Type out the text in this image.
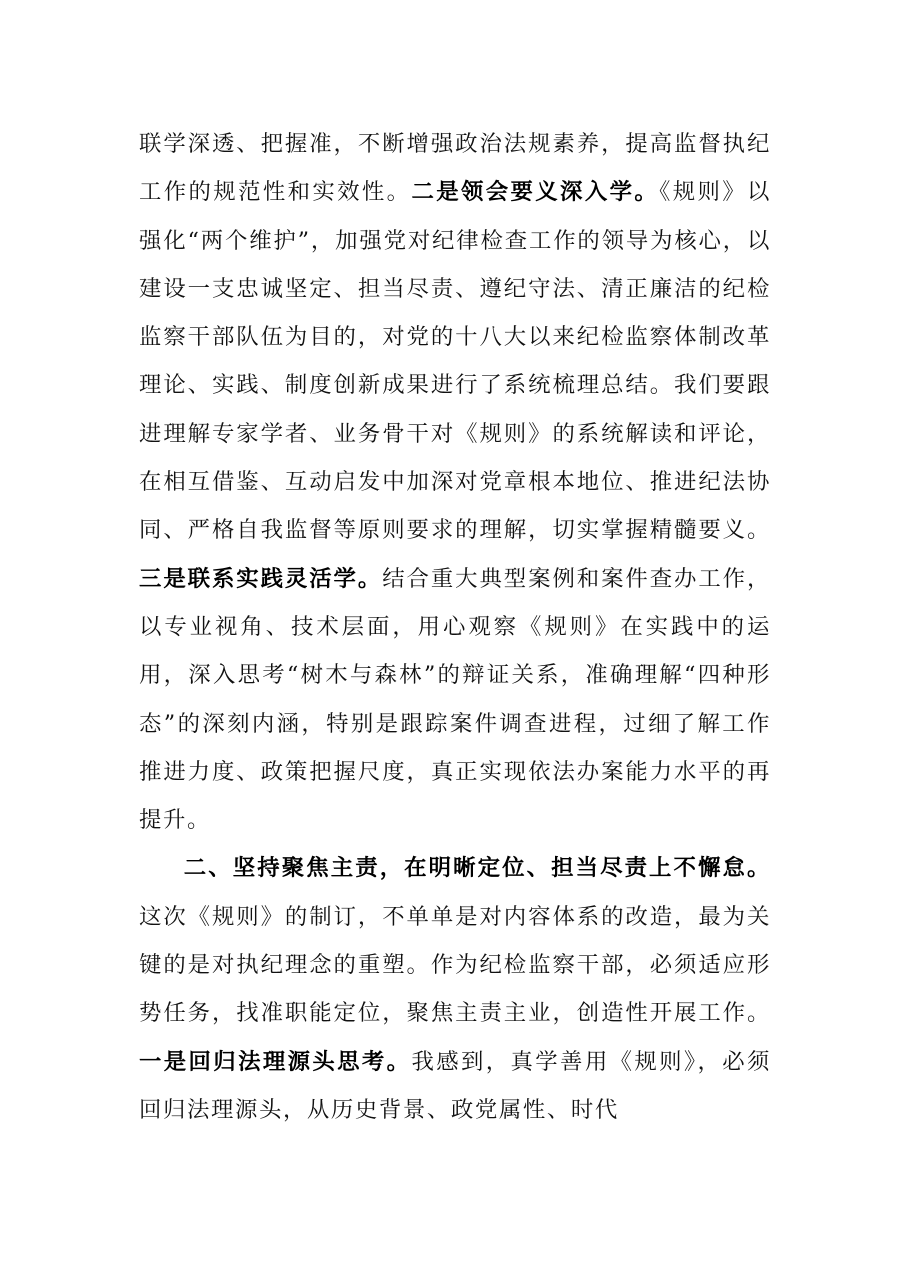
联学深透、把握准，不断增强政治法规素养，提高监督执纪工作的规范性和实效性。二是领会要义深入学。《规则》以强化“两个维护”，加强党对纪律检查工作的领导为核心，以建设一支忠诚坚定、担当尽责、遵纪守法、清正廉洁的纪检监察干部队伍为目的，对党的十八大以来纪检监察体制改革理论、实践、制度创新成果进行了系统梳理总结。我们要跟进理解专家学者、业务骨干对《规则》的系统解读和评论，在相互借鉴、互动启发中加深对党章根本地位、推进纪法协同、严格自我监督等原则要求的理解，切实掌握精髓要义。三是联系实践灵活学。结合重大典型案例和案件查办工作，以专业视角、技术层面，用心观察《规则》在实践中的运用，深入思考“树木与森林”的辩证关系，准确理解“四种形态”的深刻内涵，特别是跟踪案件调查进程，过细了解工作推进力度、政策把握尺度，真正实现依法办案能力水平的再提升。

二、坚持聚焦主责，在明晰定位、担当尽责上不懈怠。这次《规则》的制订，不单单是对内容体系的改造，最为关键的是对执纪理念的重塑。作为纪检监察干部，必须适应形势任务，找准职能定位，聚焦主责主业，创造性开展工作。一是回归法理源头思考。我感到，真学善用《规则》，必须回归法理源头，从历史背景、政党属性、时代
